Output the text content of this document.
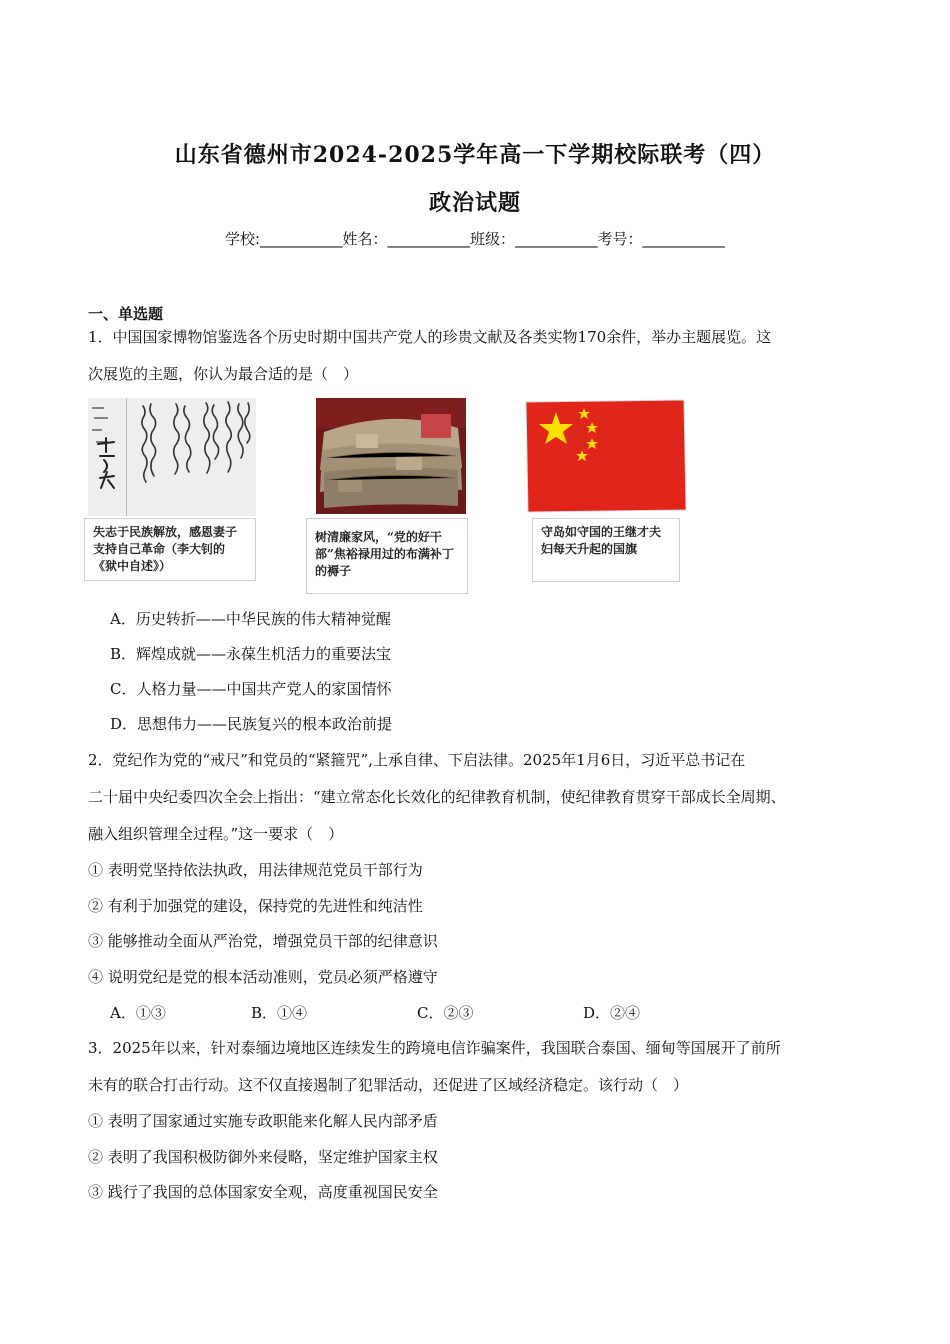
山东省德州市2024-2025学年高一下学期校际联考（四）
政治试题
学校:___________姓名：___________班级：___________考号：___________
一、单选题
1．中国国家博物馆鉴选各个历史时期中国共产党人的珍贵文献及各类实物170余件，举办主题展览。这
次展览的主题，你认为最合适的是（　）
失志于民族解放，感恩妻子支持自己革命（李大钊的《狱中自述》）
树清廉家风，“党的好干部”焦裕禄用过的布满补丁的褥子
守岛如守国的王继才夫妇每天升起的国旗
A．历史转折——中华民族的伟大精神觉醒
B．辉煌成就——永葆生机活力的重要法宝
C．人格力量——中国共产党人的家国情怀
D．思想伟力——民族复兴的根本政治前提
2．党纪作为党的“戒尺”和党员的“紧箍咒”,上承自律、下启法律。2025年1月6日，习近平总书记在
二十届中央纪委四次全会上指出：“建立常态化长效化的纪律教育机制，使纪律教育贯穿干部成长全周期、
融入组织管理全过程。”这一要求（　）
① 表明党坚持依法执政，用法律规范党员干部行为
② 有利于加强党的建设，保持党的先进性和纯洁性
③ 能够推动全面从严治党，增强党员干部的纪律意识
④ 说明党纪是党的根本活动准则，党员必须严格遵守
A．①③	B．①④	C．②③	D．②④
3．2025年以来，针对泰缅边境地区连续发生的跨境电信诈骗案件，我国联合泰国、缅甸等国展开了前所
未有的联合打击行动。这不仅直接遏制了犯罪活动，还促进了区域经济稳定。该行动（　）
① 表明了国家通过实施专政职能来化解人民内部矛盾
② 表明了我国积极防御外来侵略，坚定维护国家主权
③ 践行了我国的总体国家安全观，高度重视国民安全
